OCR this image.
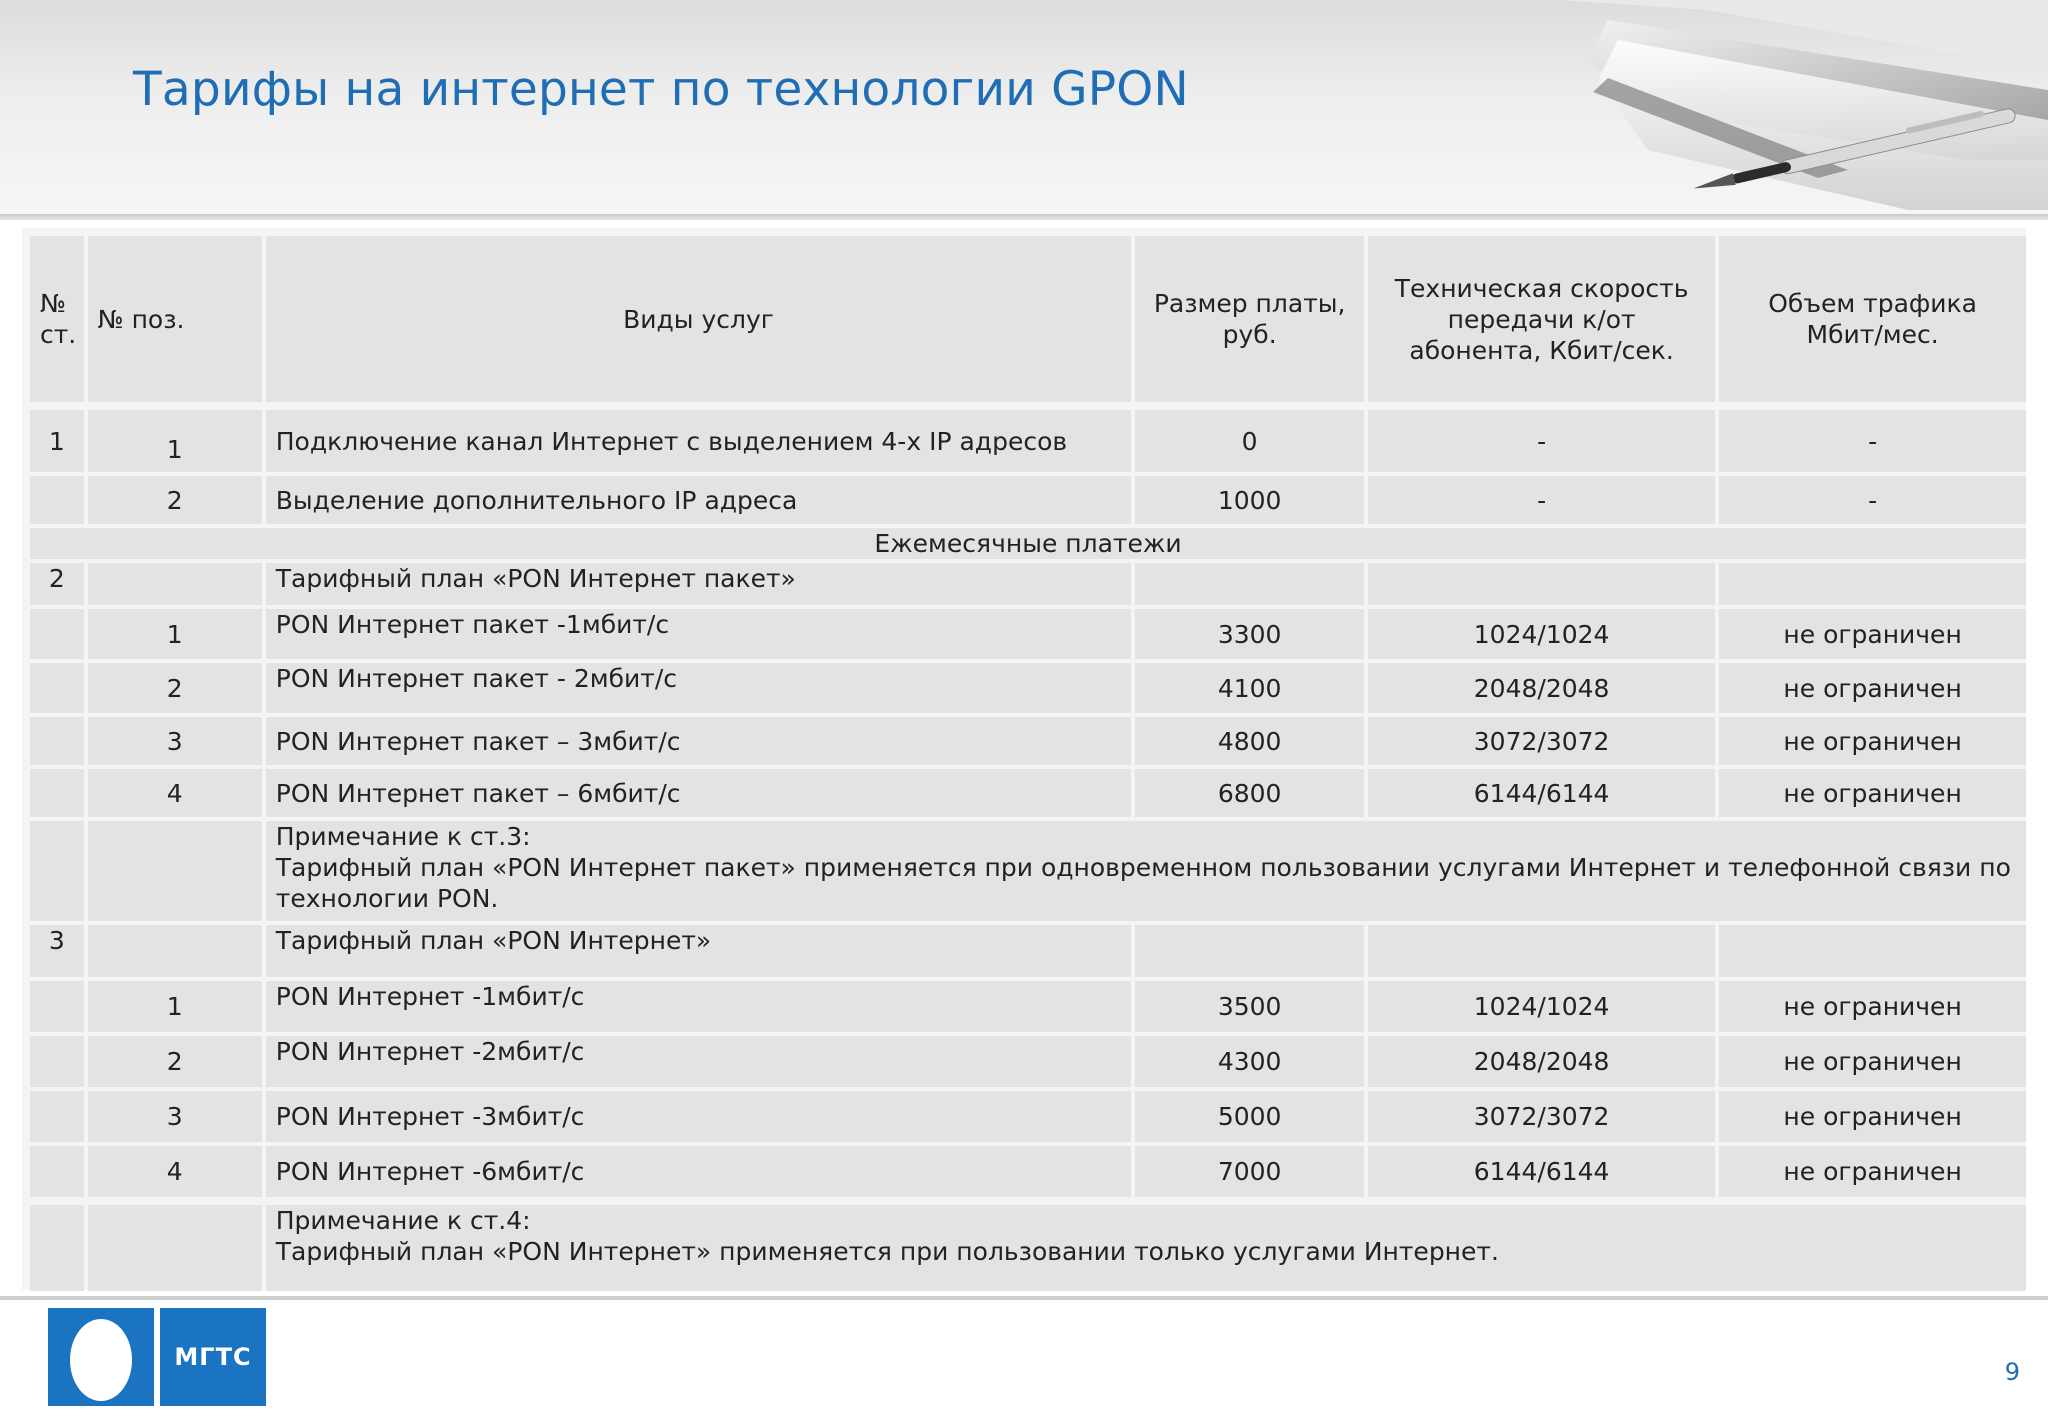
Тарифы на интернет по технологии GPON
№ ст.	№ поз.	Виды услуг	Размер платы, руб.	Техническая скорость передачи к/от абонента, Кбит/сек.	Объем трафика Мбит/мес.

1	1	Подключение канал Интернет с выделением 4-х IP адресов	0	-	-
	2	Выделение дополнительного IP адреса	1000	-	-
Ежемесячные платежи					
2		Тарифный план «PON Интернет пакет»			
	1	PON Интернет пакет -1мбит/с	3300	1024/1024	не ограничен
	2	PON Интернет пакет - 2мбит/с	4100	2048/2048	не ограничен
	3	PON Интернет пакет – 3мбит/с	4800	3072/3072	не ограничен
	4	PON Интернет пакет – 6мбит/с	6800	6144/6144	не ограничен

		Примечание к ст.3:
Тарифный план «PON Интернет пакет» применяется при одновременном пользовании услугами Интернет и телефонной связи по технологии PON.			

3		Тарифный план «PON Интернет»			
	1	PON Интернет -1мбит/с	3500	1024/1024	не ограничен
	2	PON Интернет -2мбит/с	4300	2048/2048	не ограничен
	3	PON Интернет -3мбит/с	5000	3072/3072	не ограничен
	4	PON Интернет -6мбит/с	7000	6144/6144	не ограничен

		Примечание к ст.4:
Тарифный план «PON Интернет» применяется при пользовании только услугами Интернет.			
МГТС
9
